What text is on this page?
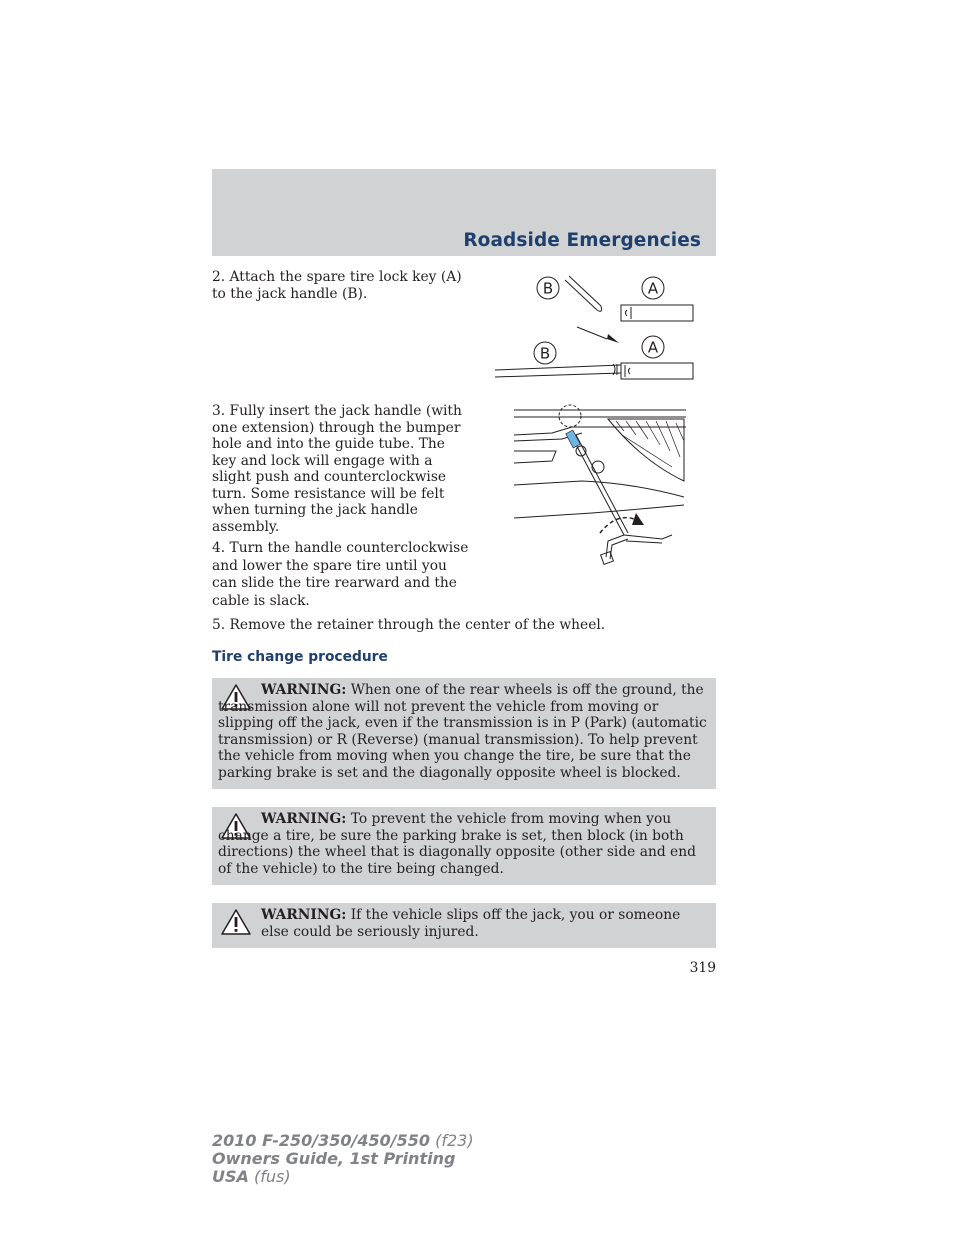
Roadside Emergencies
2. Attach the spare tire lock key (A)
to the jack handle (B).	B	A
B	A
3. Fully insert the jack handle (with
one extension) through the bumper
hole and into the guide tube. The
key and lock will engage with a
slight push and counterclockwise
turn. Some resistance will be felt
when turning the jack handle
assembly.
4. Turn the handle counterclockwise
and lower the spare tire until you
can slide the tire rearward and the
cable is slack.
5. Remove the retainer through the center of the wheel.
Tire change procedure

WARNING: When one of the rear wheels is off the ground, the transmission alone will not prevent the vehicle from moving or slipping off the jack, even if the transmission is in P (Park) (automatic transmission) or R (Reverse) (manual transmission). To help prevent the vehicle from moving when you change the tire, be sure that the parking brake is set and the diagonally opposite wheel is blocked.

WARNING: To prevent the vehicle from moving when you change a tire, be sure the parking brake is set, then block (in both directions) the wheel that is diagonally opposite (other side and end of the vehicle) to the tire being changed.

WARNING: If the vehicle slips off the jack, you or someone else could be seriously injured.

319
2010 F-250/350/450/550 (f23)
Owners Guide, 1st Printing
USA (fus)
